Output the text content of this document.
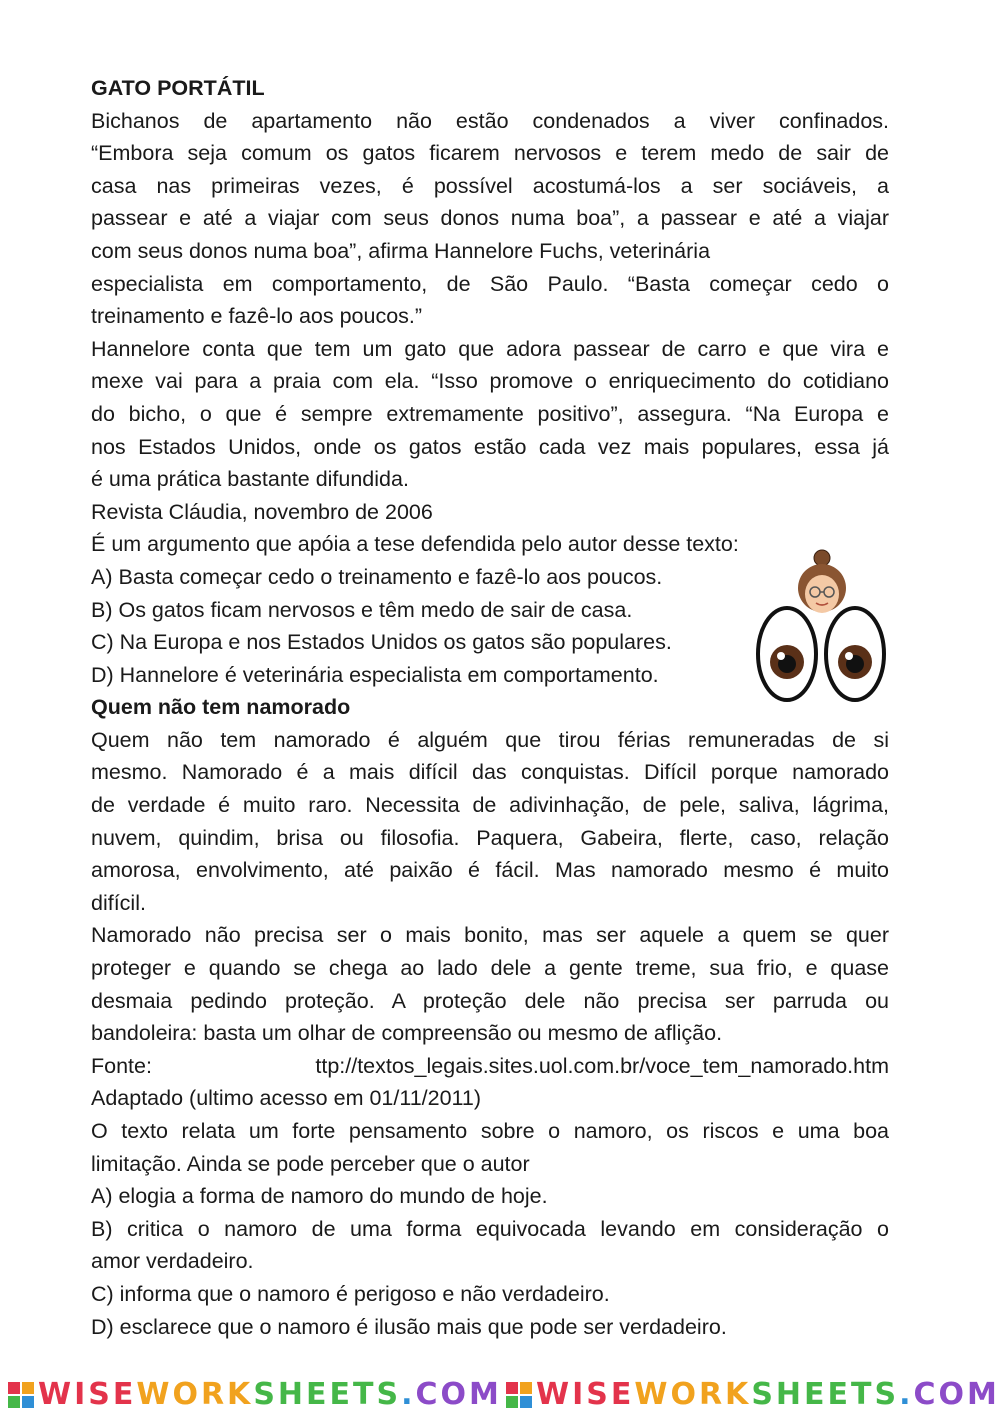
GATO PORTÁTIL
Bichanos de apartamento não estão condenados a viver confinados.
“Embora seja comum os gatos ficarem nervosos e terem medo de sair de
casa nas primeiras vezes, é possível acostumá-los a ser sociáveis, a
passear e até a viajar com seus donos numa boa”, a passear e até a viajar
com seus donos numa boa”, afirma Hannelore Fuchs, veterinária
especialista em comportamento, de São Paulo. “Basta começar cedo o
treinamento e fazê-lo aos poucos.”
Hannelore conta que tem um gato que adora passear de carro e que vira e
mexe vai para a praia com ela. “Isso promove o enriquecimento do cotidiano
do bicho, o que é sempre extremamente positivo”, assegura. “Na Europa e
nos Estados Unidos, onde os gatos estão cada vez mais populares, essa já
é uma prática bastante difundida.
Revista Cláudia, novembro de 2006
É um argumento que apóia a tese defendida pelo autor desse texto:
A) Basta começar cedo o treinamento e fazê-lo aos poucos.
B) Os gatos ficam nervosos e têm medo de sair de casa.
C) Na Europa e nos Estados Unidos os gatos são populares.
D) Hannelore é veterinária especialista em comportamento.
Quem não tem namorado
Quem não tem namorado é alguém que tirou férias remuneradas de si
mesmo. Namorado é a mais difícil das conquistas. Difícil porque namorado
de verdade é muito raro. Necessita de adivinhação, de pele, saliva, lágrima,
nuvem, quindim, brisa ou filosofia. Paquera, Gabeira, flerte, caso, relação
amorosa, envolvimento, até paixão é fácil. Mas namorado mesmo é muito
difícil.
Namorado não precisa ser o mais bonito, mas ser aquele a quem se quer
proteger e quando se chega ao lado dele a gente treme, sua frio, e quase
desmaia pedindo proteção. A proteção dele não precisa ser parruda ou
bandoleira: basta um olhar de compreensão ou mesmo de aflição.
Fonte:	ttp://textos_legais.sites.uol.com.br/voce_tem_namorado.htm
Adaptado (ultimo acesso em 01/11/2011)
O texto relata um forte pensamento sobre o namoro, os riscos e uma boa
limitação. Ainda se pode perceber que o autor
A) elogia a forma de namoro do mundo de hoje.
B) critica o namoro de uma forma equivocada levando em consideração o
amor verdadeiro.
C) informa que o namoro é perigoso e não verdadeiro.
D) esclarece que o namoro é ilusão mais que pode ser verdadeiro.
WISEWORKSHEETS.COM WISEWORKSHEETS.COM
